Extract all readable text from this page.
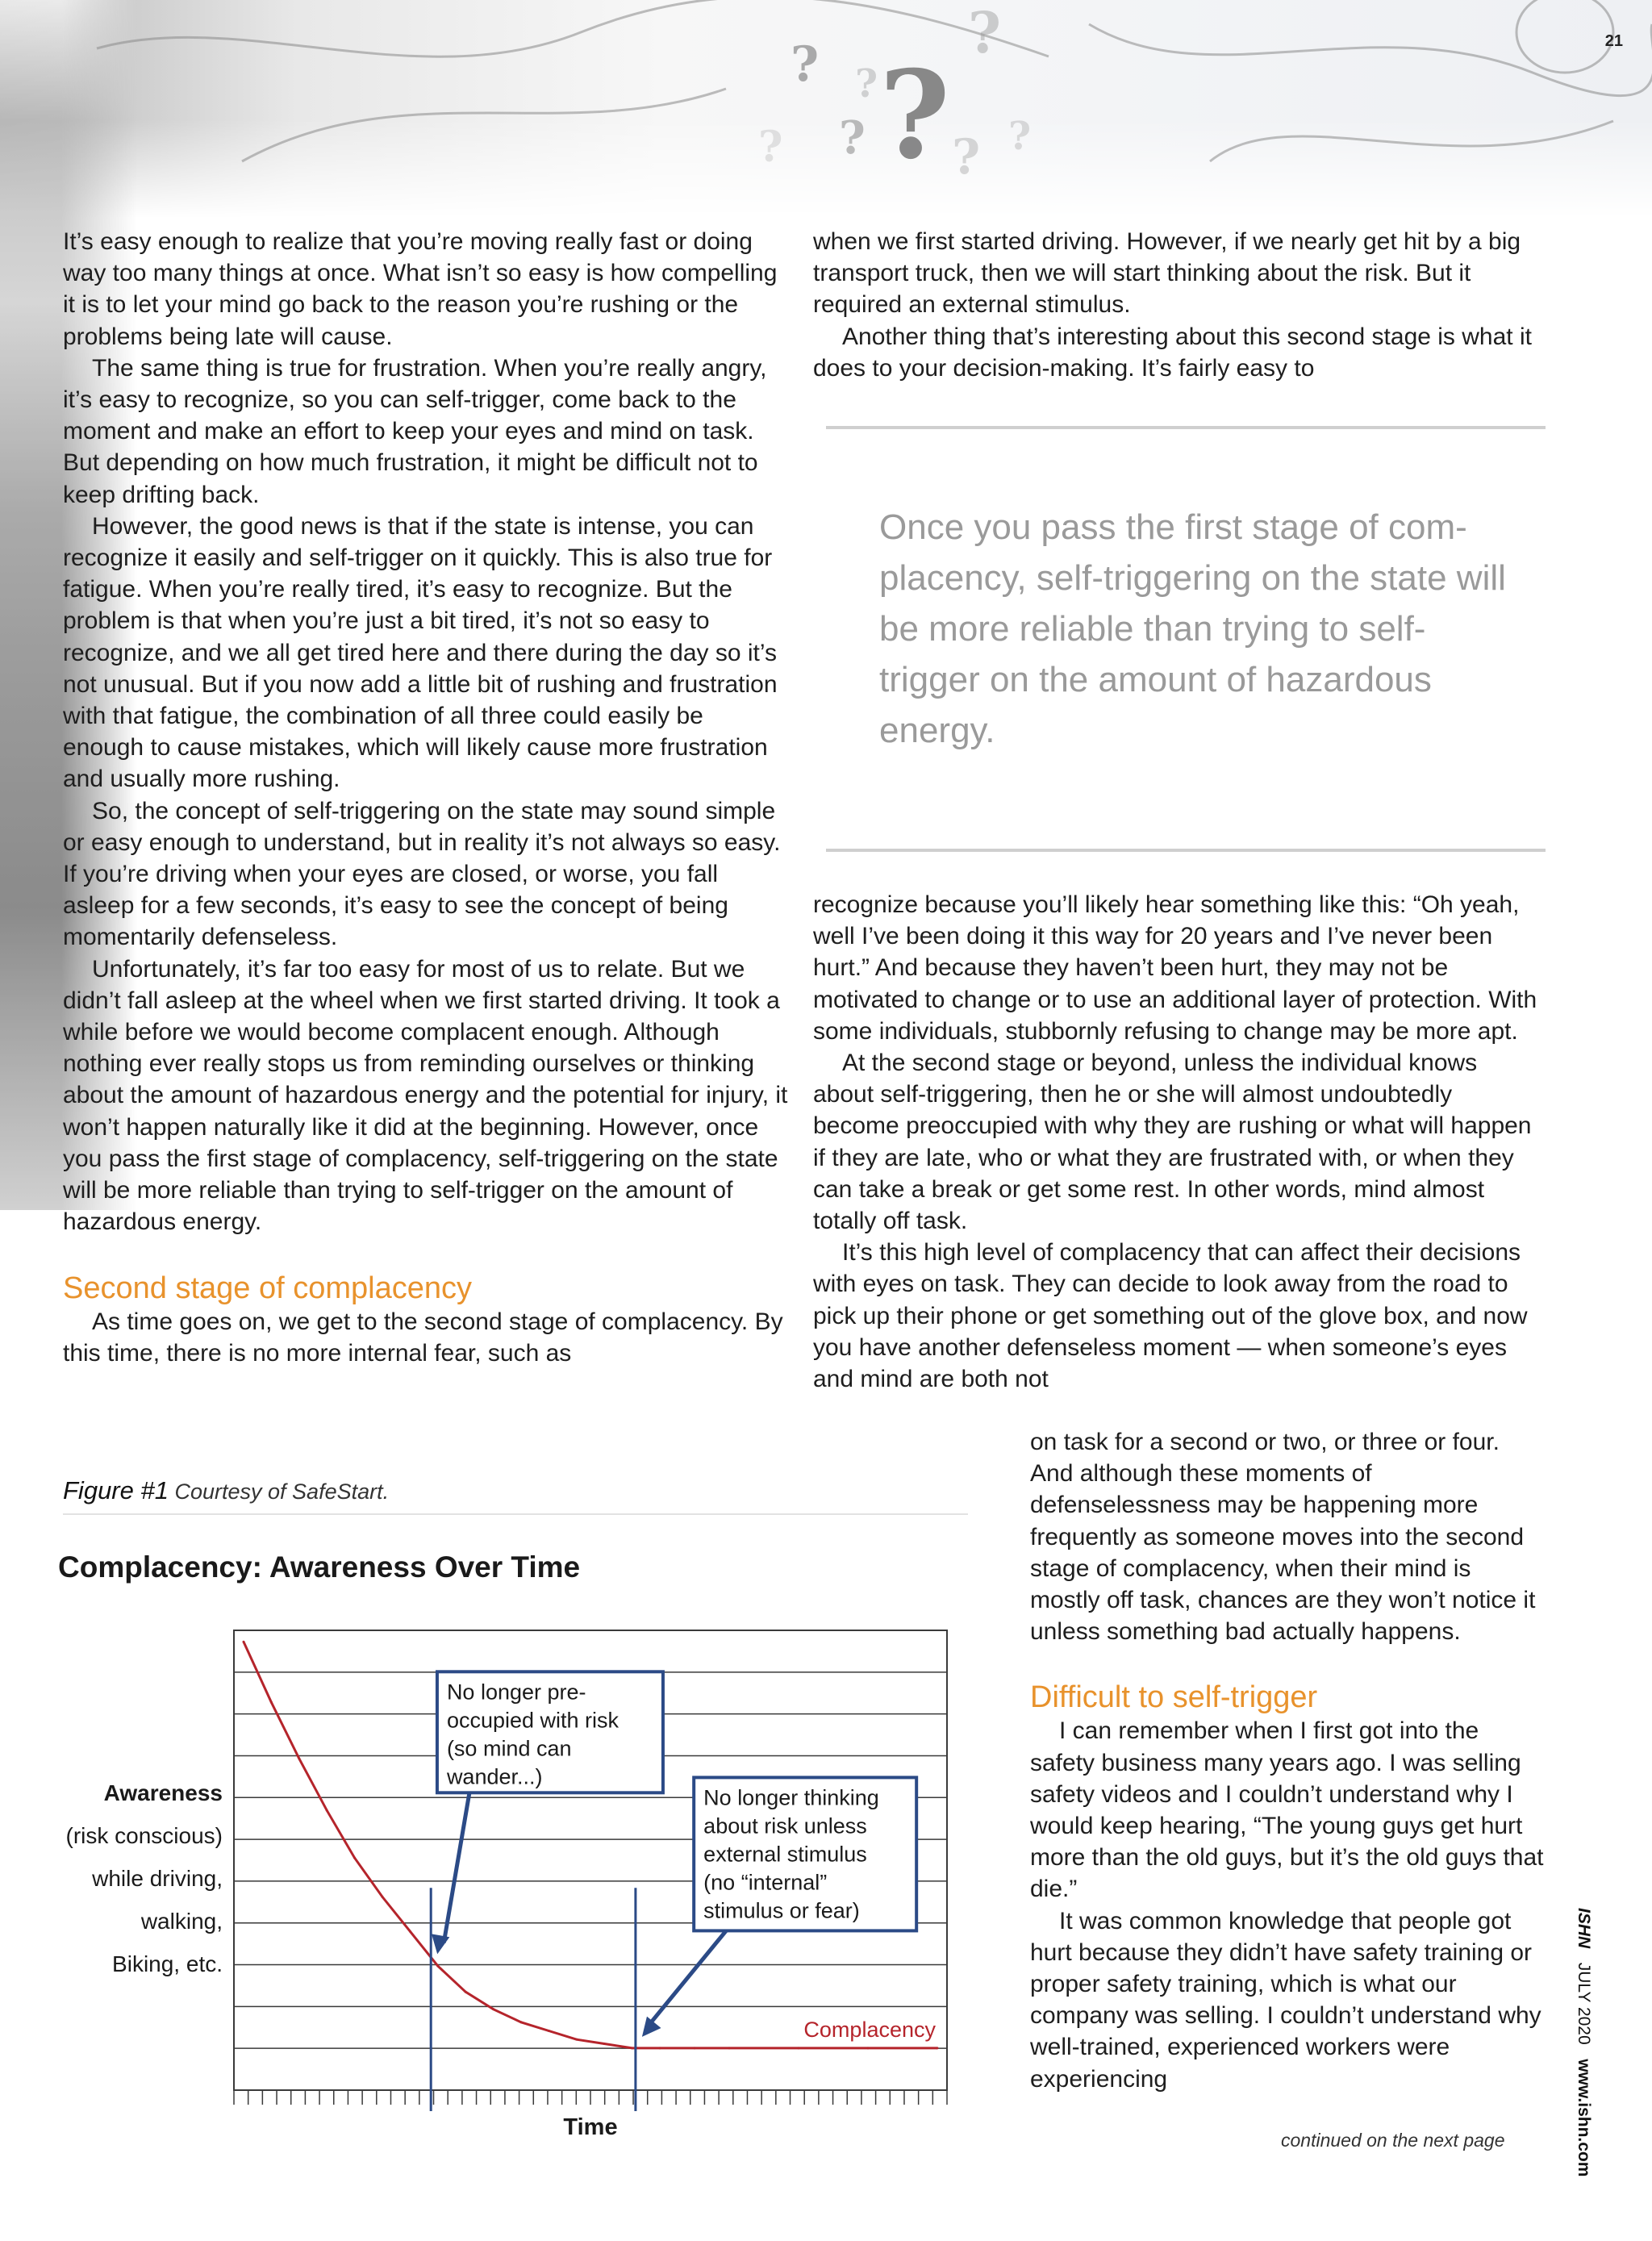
?
?
?
?
?
?
?
?
21

It’s easy enough to realize that you’re moving really fast or doing way too many things at once. What isn’t so easy is how compelling it is to let your mind go back to the reason you’re rushing or the problems being late will cause.

The same thing is true for frustration. When you’re really angry, it’s easy to recognize, so you can self-trigger, come back to the moment and make an effort to keep your eyes and mind on task. But depending on how much frustration, it might be difficult not to keep drifting back.

However, the good news is that if the state is intense, you can recognize it easily and self-trigger on it quickly. This is also true for fatigue. When you’re really tired, it’s easy to recognize. But the problem is that when you’re just a bit tired, it’s not so easy to recognize, and we all get tired here and there during the day so it’s not unusual. But if you now add a little bit of rushing and frustration with that fatigue, the combination of all three could easily be enough to cause mistakes, which will likely cause more frustration and usually more rushing.

So, the concept of self-triggering on the state may sound simple or easy enough to understand, but in reality it’s not always so easy. If you’re driving when your eyes are closed, or worse, you fall asleep for a few seconds, it’s easy to see the concept of being momentarily defenseless.

Unfortunately, it’s far too easy for most of us to relate. But we didn’t fall asleep at the wheel when we first started driving. It took a while before we would become complacent enough. Although nothing ever really stops us from reminding ourselves or thinking about the amount of hazardous energy and the potential for injury, it won’t happen naturally like it did at the beginning. However, once you pass the first stage of complacency, self-triggering on the state will be more reliable than trying to self-trigger on the amount of hazardous energy.

Second stage of complacency

As time goes on, we get to the second stage of complacency. By this time, there is no more internal fear, such as

when we first started driving. However, if we nearly get hit by a big transport truck, then we will start thinking about the risk. But it required an external stimulus.

Another thing that’s interesting about this second stage is what it does to your decision-making. It’s fairly easy to

Once you pass the first stage of complacency, self-triggering on the state will be more reliable than trying to self-trigger on the amount of hazardous energy.

recognize because you’ll likely hear something like this: “Oh yeah, well I’ve been doing it this way for 20 years and I’ve never been hurt.” And because they haven’t been hurt, they may not be motivated to change or to use an additional layer of protection. With some individuals, stubbornly refusing to change may be more apt.

At the second stage or beyond, unless the individual knows about self-triggering, then he or she will almost undoubtedly become preoccupied with why they are rushing or what will happen if they are late, who or what they are frustrated with, or when they can take a break or get some rest. In other words, mind almost totally off task.

It’s this high level of complacency that can affect their decisions with eyes on task. They can decide to look away from the road to pick up their phone or get something out of the glove box, and now you have another defenseless moment — when someone’s eyes and mind are both not

on task for a second or two, or three or four. And although these moments of defenselessness may be happening more frequently as someone moves into the second stage of complacency, when their mind is mostly off task, chances are they won’t notice it unless something bad actually happens.

Difficult to self-trigger

I can remember when I first got into the safety business many years ago. I was selling safety videos and I couldn’t understand why I would keep hearing, “The young guys get hurt more than the old guys, but it’s the old guys that die.”

It was common knowledge that people got hurt because they didn’t have safety training or proper safety training, which is what our company was selling. I couldn’t understand why well-trained, experienced workers were experiencing

continued on the next page
Figure #1 Courtesy of SafeStart.
Complacency: Awareness Over Time
Awareness
(risk conscious)
while driving,
walking,
Biking, etc.
Time
Complacency
No longer pre-
occupied with risk
(so mind can
wander...)
No longer thinking
about risk unless
external stimulus
(no “internal”
stimulus or fear)	ISHN   JULY 2020   www.ishn.com
